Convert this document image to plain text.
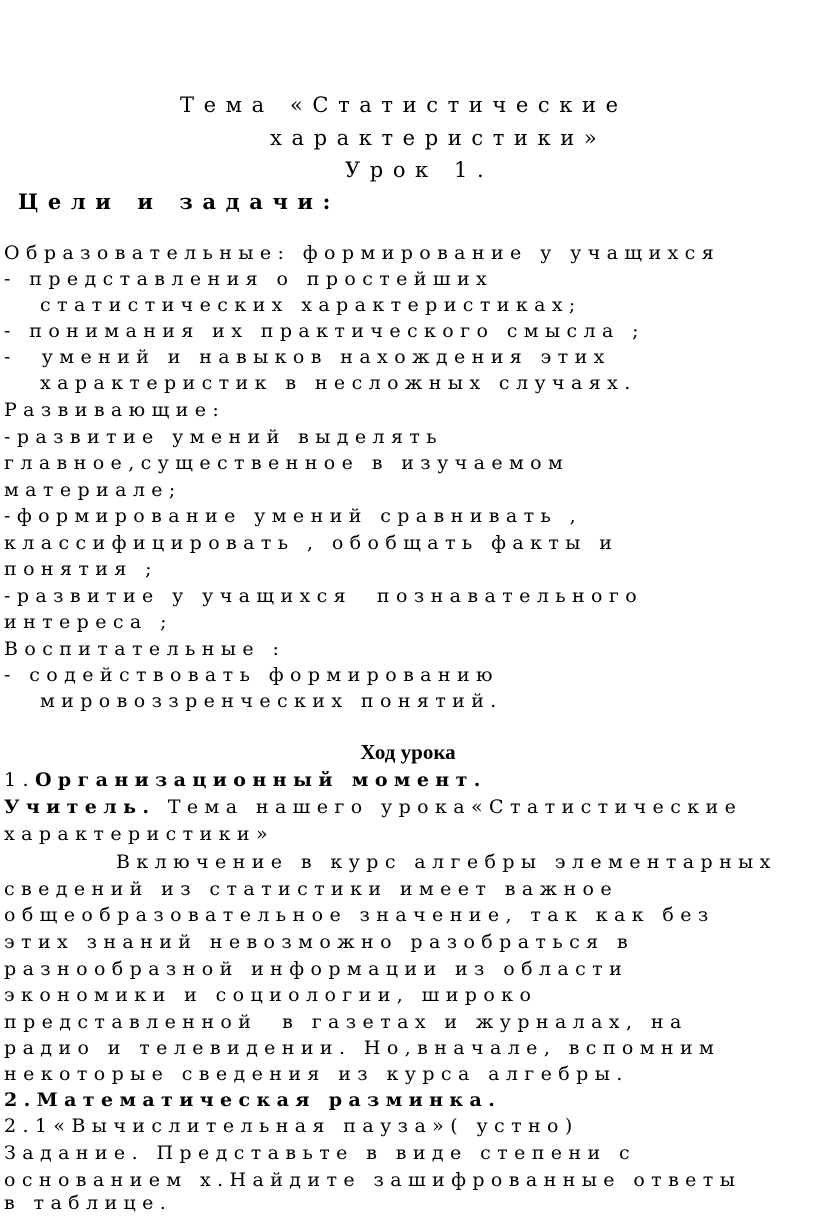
Тема «Статистические
характеристики»
Урок 1.
Цели и задачи:
Образовательные: формирование у учащихся
- представления о простейших
статистических характеристиках;
- понимания их практического смысла ;
-  умений и навыков нахождения этих
характеристик в несложных случаях.
Развивающие:
-развитие умений выделять
главное,существенное в изучаемом
материале;
-формирование умений сравнивать ,
классифицировать , обобщать факты и
понятия ;
-развитие у учащихся  познавательного
интереса ;
Воспитательные :
- содействовать формированию
мировоззренческих понятий.
Ход урока
1.Организационный момент.
Учитель. Тема нашего урока«Статистические
характеристики»
Включение в курс алгебры элементарных
сведений из статистики имеет важное
общеобразовательное значение, так как без
этих знаний невозможно разобраться в
разнообразной информации из области
экономики и социологии, широко
представленной  в газетах и журналах, на
радио и телевидении. Но,вначале, вспомним
некоторые сведения из курса алгебры.
2.Математическая разминка.
2.1«Вычислительная пауза»( устно)
Задание. Представьте в виде степени с
основанием x.Найдите зашифрованные ответы
в таблице.
